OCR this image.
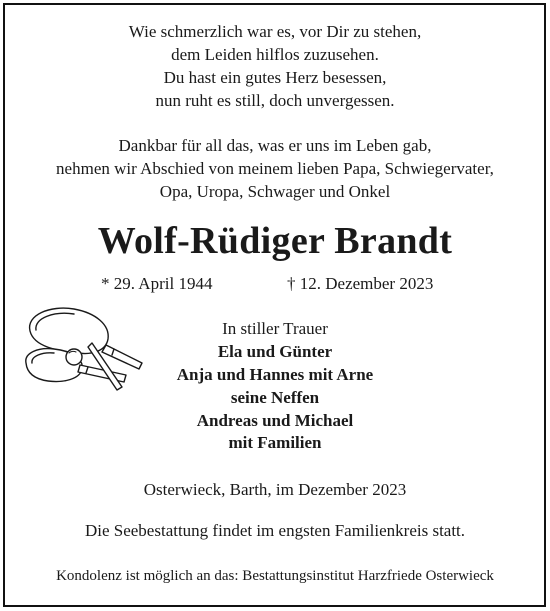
Wie schmerzlich war es, vor Dir zu stehen,
dem Leiden hilflos zuzusehen.
Du hast ein gutes Herz besessen,
nun ruht es still, doch unvergessen.
Dankbar für all das, was er uns im Leben gab,
nehmen wir Abschied von meinem lieben Papa, Schwiegervater,
Opa, Uropa, Schwager und Onkel
Wolf-Rüdiger Brandt
* 29. April 1944	† 12. Dezember 2023
In stiller Trauer
Ela und Günter
Anja und Hannes mit Arne
seine Neffen
Andreas und Michael
mit Familien
Osterwieck, Barth, im Dezember 2023
Die Seebestattung findet im engsten Familienkreis statt.
Kondolenz ist möglich an das: Bestattungsinstitut Harzfriede Osterwieck
